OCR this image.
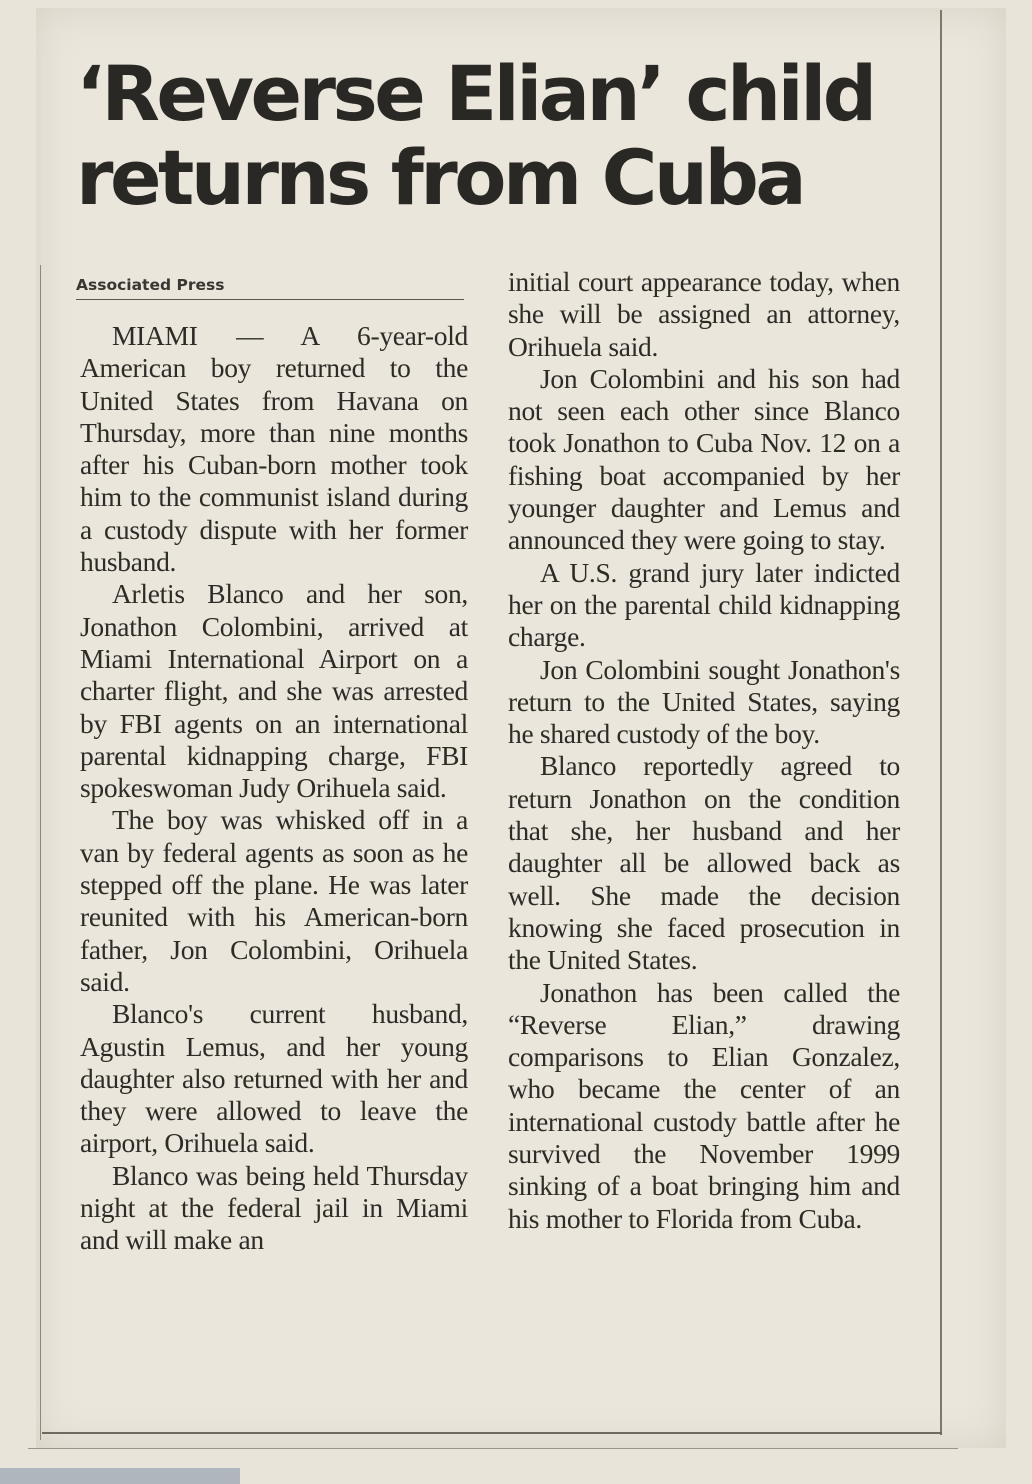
‘Reverse Elian’ child returns from Cuba
Associated Press

MIAMI — A 6-year-old American boy returned to the United States from Havana on Thursday, more than nine months after his Cuban-born mother took him to the communist island during a custody dispute with her former husband.

Arletis Blanco and her son, Jonathon Colombini, arrived at Miami International Airport on a charter flight, and she was arrested by FBI agents on an international parental kidnapping charge, FBI spokeswoman Judy Orihuela said.

The boy was whisked off in a van by federal agents as soon as he stepped off the plane. He was later reunited with his American-born father, Jon Colombini, Orihuela said.

Blanco's current husband, Agustin Lemus, and her young daughter also returned with her and they were allowed to leave the airport, Orihuela said.

Blanco was being held Thursday night at the federal jail in Miami and will make an

initial court appearance today, when she will be assigned an attorney, Orihuela said.

Jon Colombini and his son had not seen each other since Blanco took Jonathon to Cuba Nov. 12 on a fishing boat accompanied by her younger daughter and Lemus and announced they were going to stay.

A U.S. grand jury later indicted her on the parental child kidnapping charge.

Jon Colombini sought Jonathon's return to the United States, saying he shared custody of the boy.

Blanco reportedly agreed to return Jonathon on the condition that she, her husband and her daughter all be allowed back as well. She made the decision knowing she faced prosecution in the United States.

Jonathon has been called the “Reverse Elian,” drawing comparisons to Elian Gonzalez, who became the center of an international custody battle after he survived the November 1999 sinking of a boat bringing him and his mother to Florida from Cuba.
